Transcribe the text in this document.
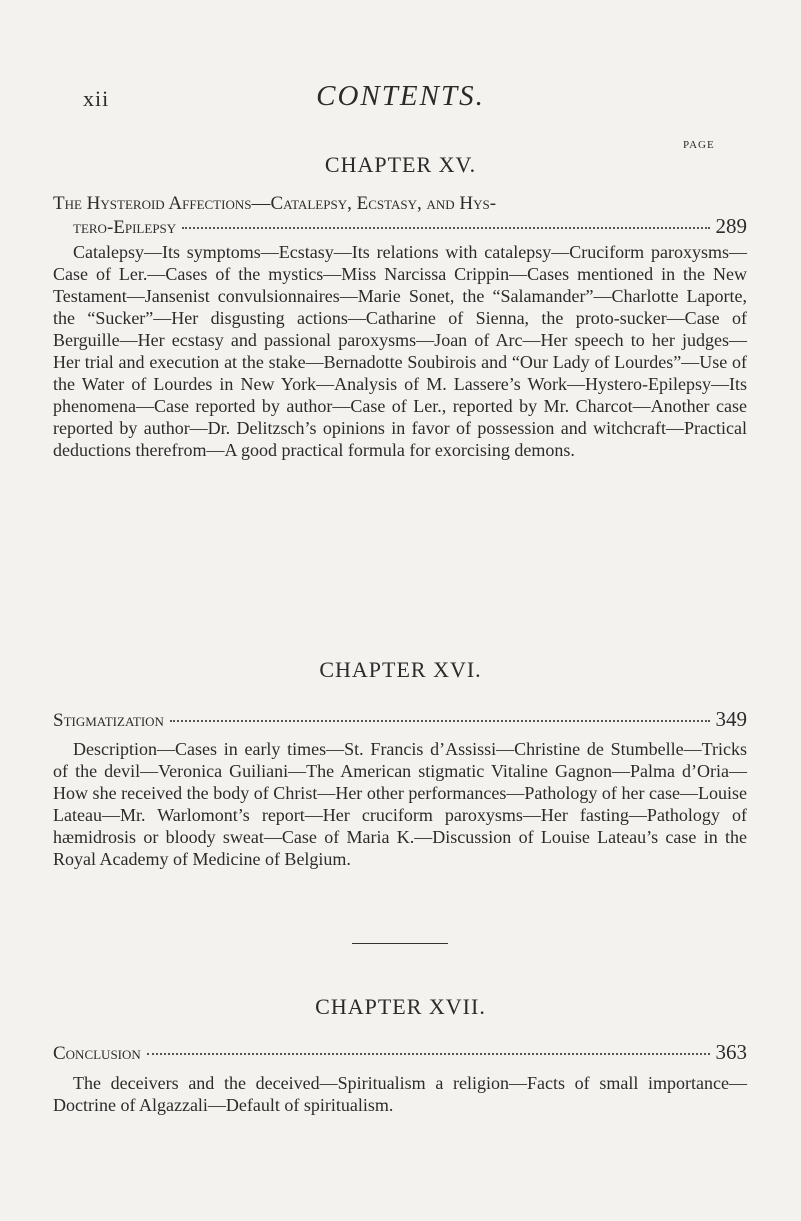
xii	CONTENTS.
PAGE
CHAPTER XV.
The Hysteroid Affections—Catalepsy, Ecstasy, and Hys-
tero-Epilepsy	289

Catalepsy—Its symptoms—Ecstasy—Its relations with catalepsy—Cruciform paroxysms—Case of Ler.—Cases of the mystics—Miss Narcissa Crippin—Cases mentioned in the New Testament—Jansenist convulsionnaires—Marie Sonet, the “Salamander”—Charlotte Laporte, the “Sucker”—Her disgusting actions—Catharine of Sienna, the proto-sucker—Case of Berguille—Her ecstasy and passional paroxysms—Joan of Arc—Her speech to her judges—Her trial and execution at the stake—Bernadotte Soubirois and “Our Lady of Lourdes”—Use of the Water of Lourdes in New York—Analysis of M. Lassere’s Work—Hystero-Epilepsy—Its phenomena—Case reported by author—Case of Ler., reported by Mr. Charcot—Another case reported by author—Dr. Delitzsch’s opinions in favor of possession and witchcraft—Practical deductions therefrom—A good practical formula for exorcising demons.

CHAPTER XVI.
Stigmatization	349

Description—Cases in early times—St. Francis d’Assissi—Christine de Stumbelle—Tricks of the devil—Veronica Guiliani—The American stigmatic Vitaline Gagnon—Palma d’Oria—How she received the body of Christ—Her other performances—Pathology of her case—Louise Lateau—Mr. Warlomont’s report—Her cruciform paroxysms—Her fasting—Pathology of hæmidrosis or bloody sweat—Case of Maria K.—Discussion of Louise Lateau’s case in the Royal Academy of Medicine of Belgium.

CHAPTER XVII.
Conclusion	363

The deceivers and the deceived—Spiritualism a religion—Facts of small importance—Doctrine of Algazzali—Default of spiritualism.
